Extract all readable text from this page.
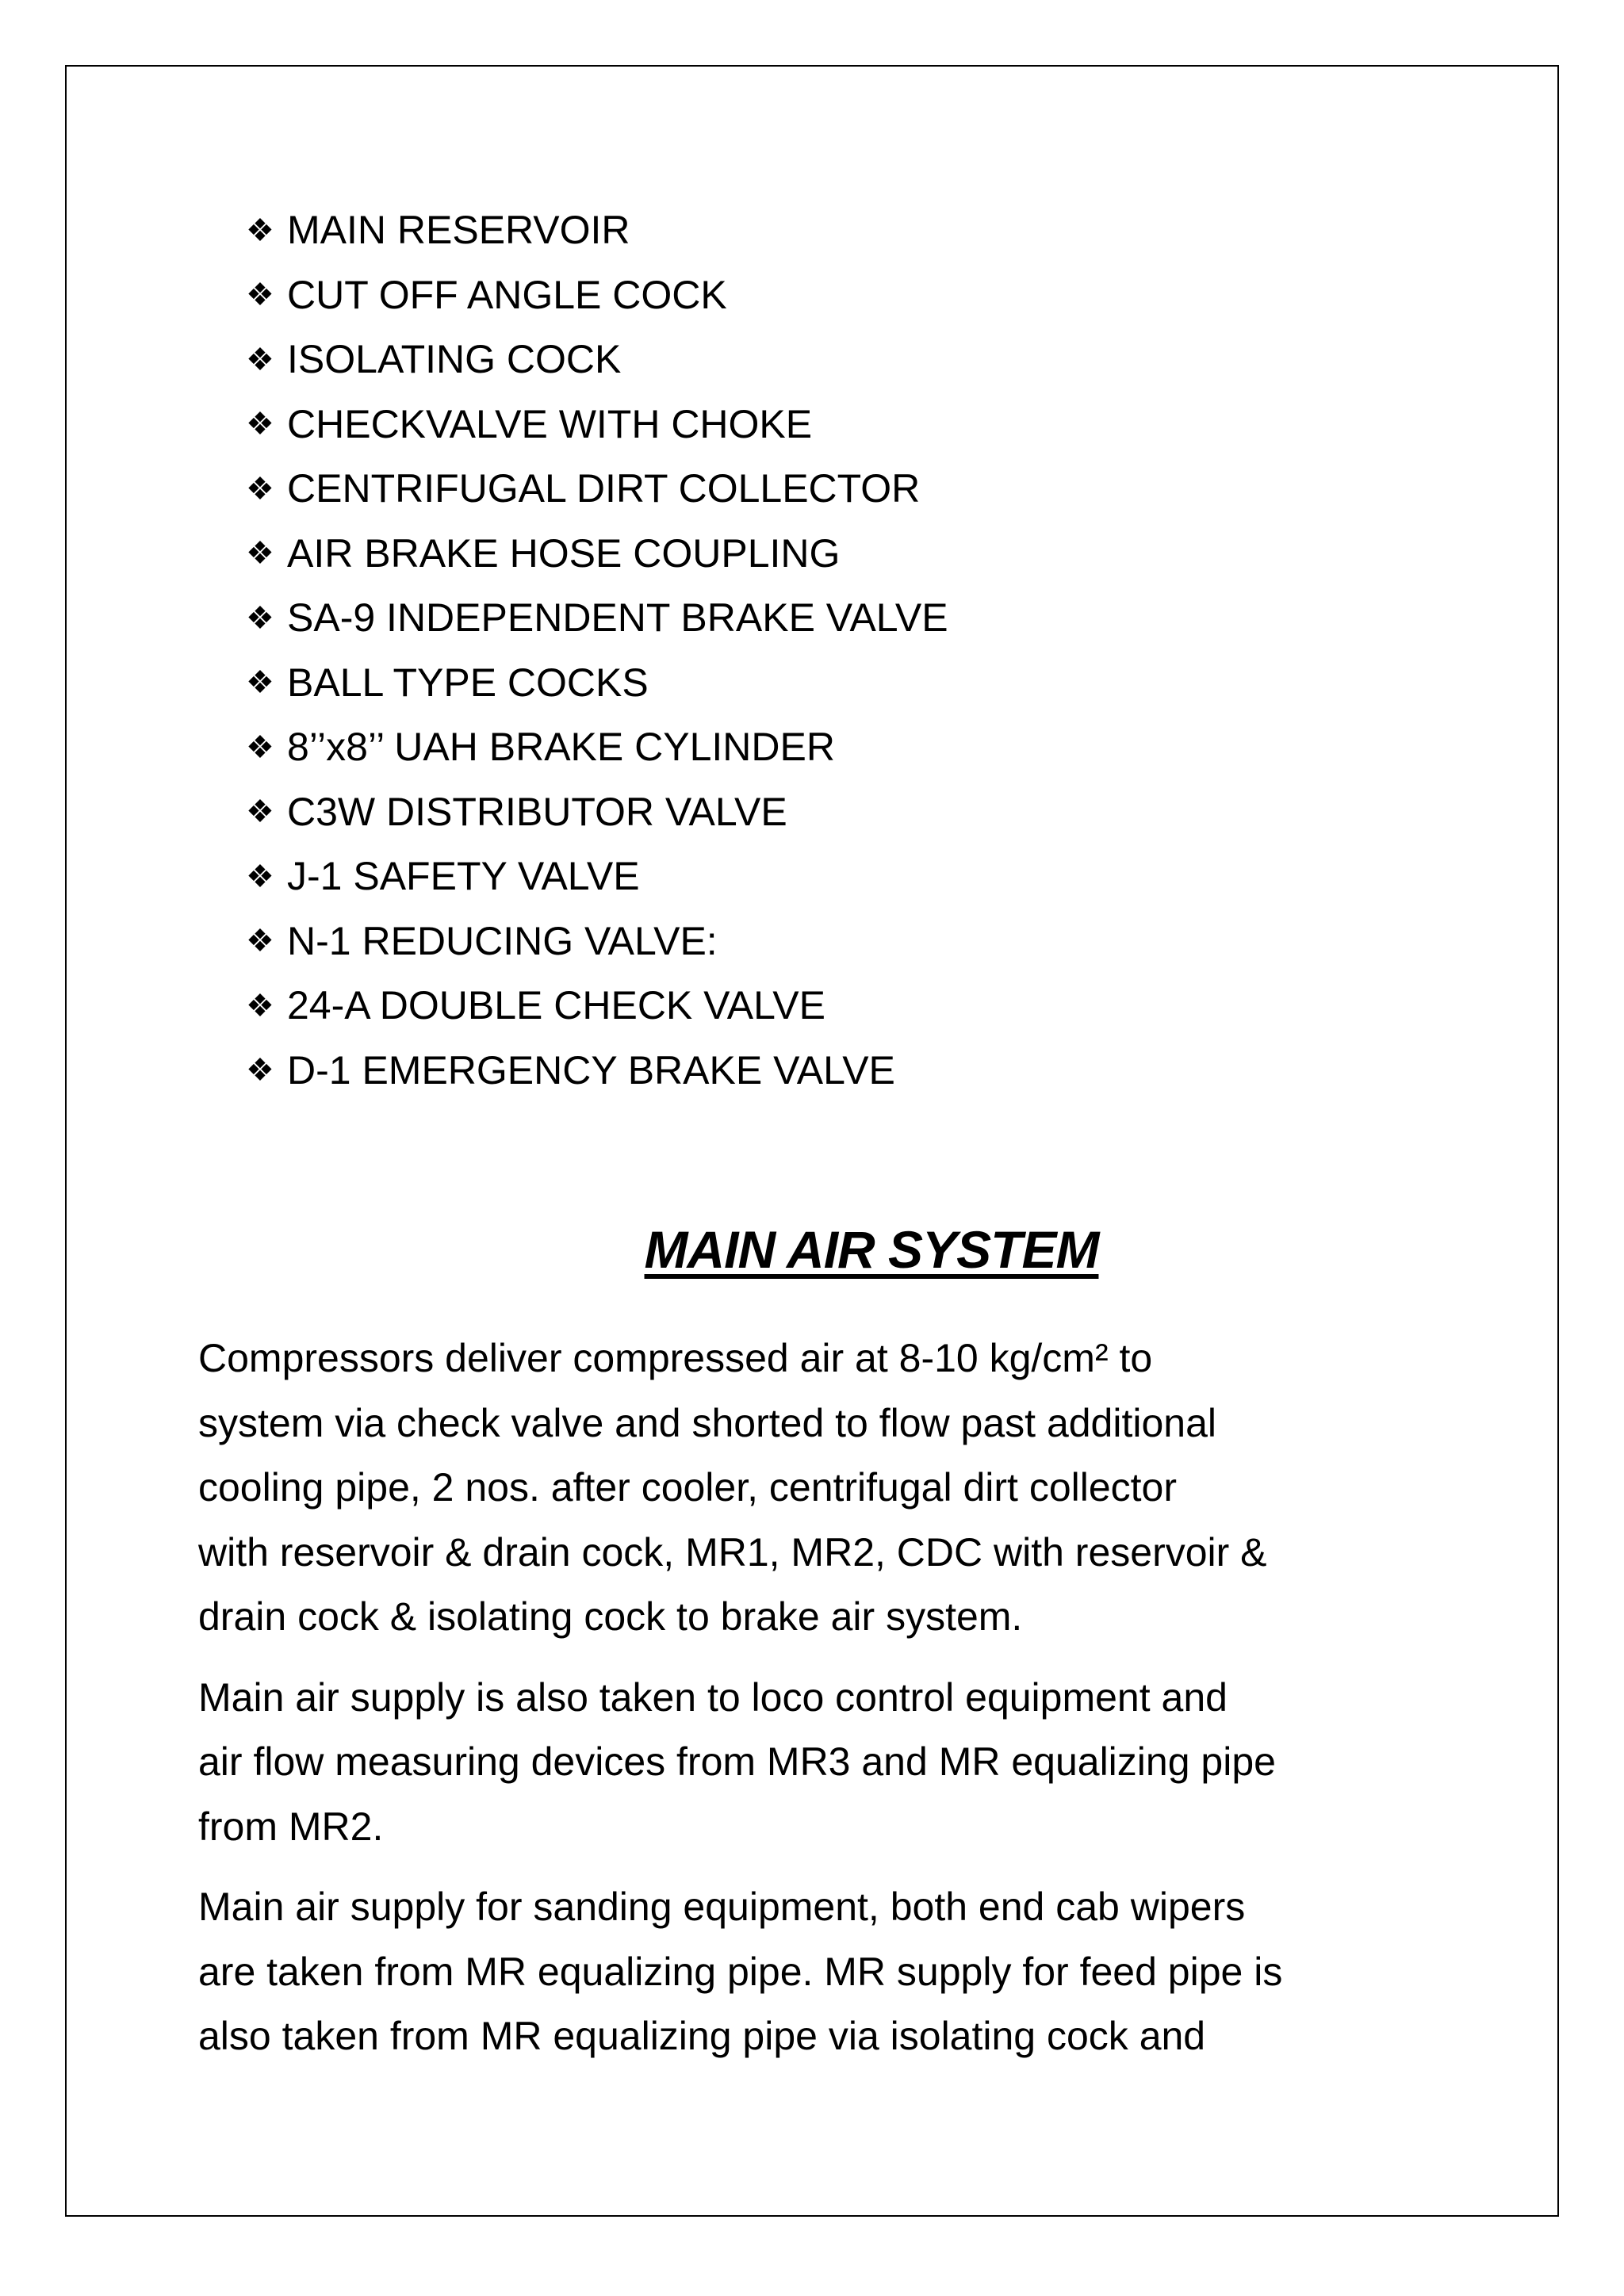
❖ MAIN RESERVOIR
❖ CUT OFF ANGLE COCK
❖ ISOLATING COCK
❖ CHECKVALVE WITH CHOKE
❖ CENTRIFUGAL DIRT COLLECTOR
❖ AIR BRAKE HOSE COUPLING
❖ SA-9 INDEPENDENT BRAKE VALVE
❖ BALL TYPE COCKS
❖ 8’’x8’’ UAH BRAKE CYLINDER
❖ C3W DISTRIBUTOR VALVE
❖ J-1 SAFETY VALVE
❖ N-1 REDUCING VALVE:
❖ 24-A DOUBLE CHECK VALVE
❖ D-1 EMERGENCY BRAKE VALVE
MAIN AIR SYSTEM

Compressors deliver compressed air at 8-10 kg/cm² to
system via check valve and shorted to flow past additional
cooling pipe, 2 nos. after cooler, centrifugal dirt collector
with reservoir & drain cock, MR1, MR2, CDC with reservoir &
drain cock & isolating cock to brake air system.

Main air supply is also taken to loco control equipment and
air flow measuring devices from MR3 and MR equalizing pipe
from MR2.

Main air supply for sanding equipment, both end cab wipers
are taken from MR equalizing pipe. MR supply for feed pipe is
also taken from MR equalizing pipe via isolating cock and
